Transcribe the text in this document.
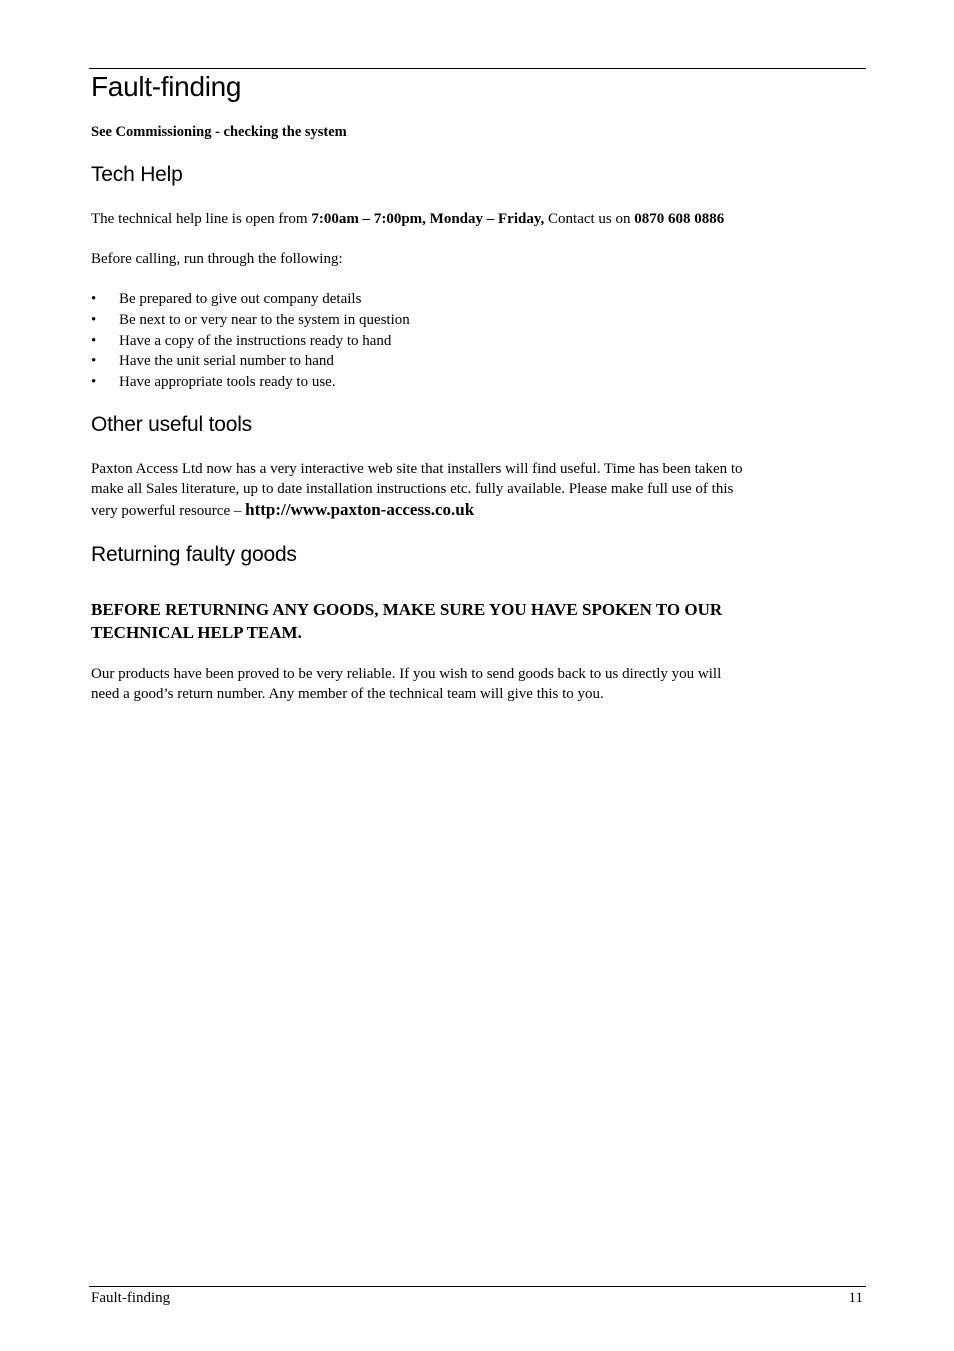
Fault-finding
See Commissioning - checking the system
Tech Help
The technical help line is open from 7:00am – 7:00pm, Monday – Friday, Contact us on 0870 608 0886
Before calling, run through the following:
• Be prepared to give out company details
• Be next to or very near to the system in question
• Have a copy of the instructions ready to hand
• Have the unit serial number to hand
• Have appropriate tools ready to use.
Other useful tools
Paxton Access Ltd now has a very interactive web site that installers will find useful. Time has been taken to
make all Sales literature, up to date installation instructions etc. fully available. Please make full use of this
very powerful resource – http://www.paxton-access.co.uk
Returning faulty goods
BEFORE RETURNING ANY GOODS, MAKE SURE YOU HAVE SPOKEN TO OUR
TECHNICAL HELP TEAM.
Our products have been proved to be very reliable. If you wish to send goods back to us directly you will
need a good’s return number. Any member of the technical team will give this to you.
Fault-finding	11
